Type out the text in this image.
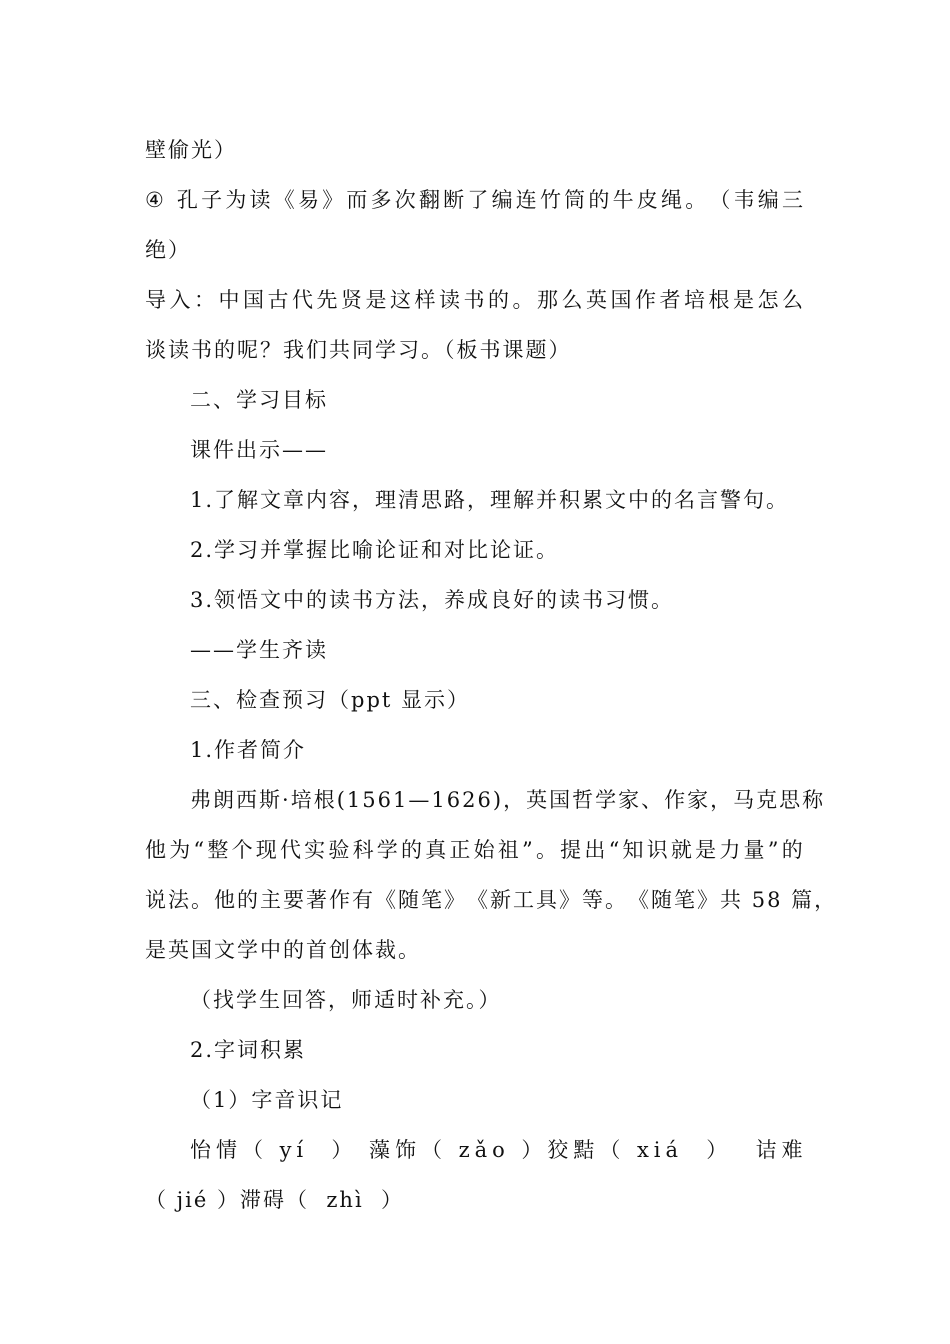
壁偷光）
④
孔 子 为 读 《 易 》 而 多 次 翻 断 了 编 连 竹 筒 的 牛 皮 绳 。 （ 韦 编 三
绝）
导 入 ： 中 国 古 代 先 贤 是 这 样 读 书 的 。 那 么 英 国 作 者 培 根 是 怎 么
谈读书的呢？我们共同学习。（板书课题）
二、学习目标
课件出示——
1.了解文章内容，理清思路，理解并积累文中的名言警句。
2.学习并掌握比喻论证和对比论证。
3.领悟文中的读书方法，养成良好的读书习惯。
——学生齐读
三、检查预习（ppt 显示）
1.作者简介
弗 朗 西 斯 · 培 根 ( 1 5 6 1 — 1 6 2 6 ) ， 英 国 哲 学 家 、 作 家 ， 马 克 思 称
他 为 “ 整 个 现 代 实 验 科 学 的 真 正 始 祖 ” 。 提 出 “ 知 识 就 是 力 量 ” 的
说 法 。 他 的 主 要 著 作 有 《 随 笔 》 《 新 工 具 》 等 。 《 随 笔 》 共
5 8
篇 ，
是英国文学中的首创体裁。
（找学生回答，师适时补充。）
2.字词积累
（1）字音识记
怡 情 （
y í

）
藻 饰 （
z ǎ o
） 狡 黠 （
x i á

）

诘 难
（ jié ）滞碍（  zhì  ）
